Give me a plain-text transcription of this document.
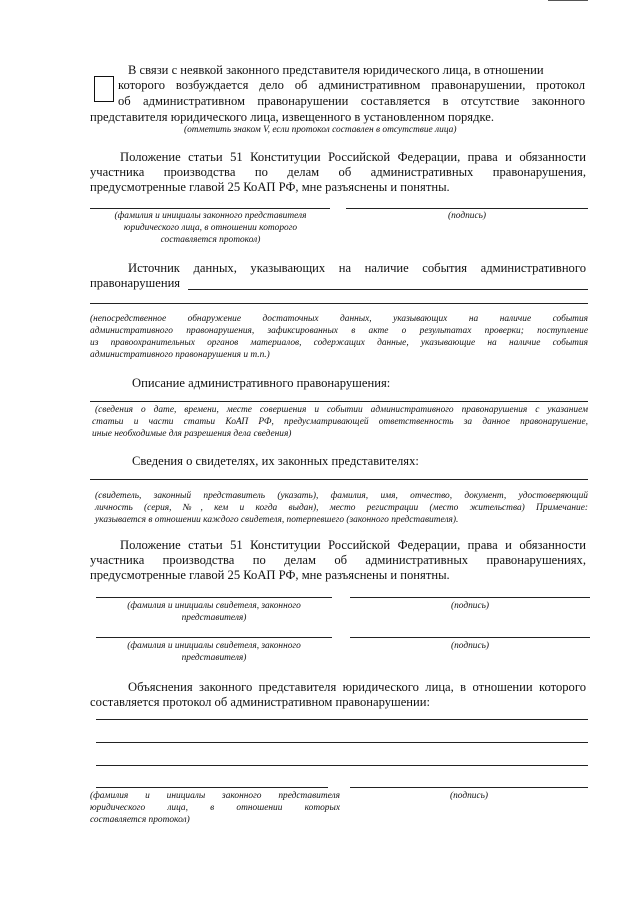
В связи с неявкой законного представителя юридического лица, в отношении
которого возбуждается дело об административном правонарушении, протокол
об административном правонарушении составляется в отсутствие законного
представителя юридического лица, извещенного в установленном порядке.
(отметить знаком V, если протокол составлен в отсутствие лица)
Положение статьи 51 Конституции Российской Федерации, права и обязанности
участника производства по делам об административных правонарушения,
предусмотренные главой 25 КоАП РФ, мне разъяснены и понятны.
(фамилия и инициалы законного представителя
юридического лица, в отношении которого
составляется протокол)
(подпись)
Источник данных, указывающих на наличие события административного
правонарушения
(непосредственное обнаружение достаточных данных, указывающих на наличие события
административного правонарушения, зафиксированных в акте о результатах проверки; поступление
из правоохранительных органов материалов, содержащих данные, указывающие на наличие события
административного правонарушения и т.п.)
Описание административного правонарушения:
(сведения о дате, времени, месте совершения и событии административного правонарушения с указанием
статьи и части статьи КоАП РФ, предусматривающей ответственность за данное правонарушение,
иные необходимые для разрешения дела сведения)
Сведения о свидетелях, их законных представителях:
(свидетель, законный представитель (указать), фамилия, имя, отчество, документ, удостоверяющий
личность (серия, №, кем и когда выдан), место регистрации (место жительства) Примечание:
указывается в отношении каждого свидетеля, потерпевшего (законного представителя).
Положение статьи 51 Конституции Российской Федерации, права и обязанности
участника производства по делам об административных правонарушениях,
предусмотренные главой 25 КоАП РФ, мне разъяснены и понятны.
(фамилия и инициалы свидетеля, законного
представителя)
(подпись)
(фамилия и инициалы свидетеля, законного
представителя)
(подпись)
Объяснения законного представителя юридического лица, в отношении которого
составляется протокол об административном правонарушении:
(фамилия и инициалы законного представителя
юридического лица, в отношении которых
составляется протокол)
(подпись)
